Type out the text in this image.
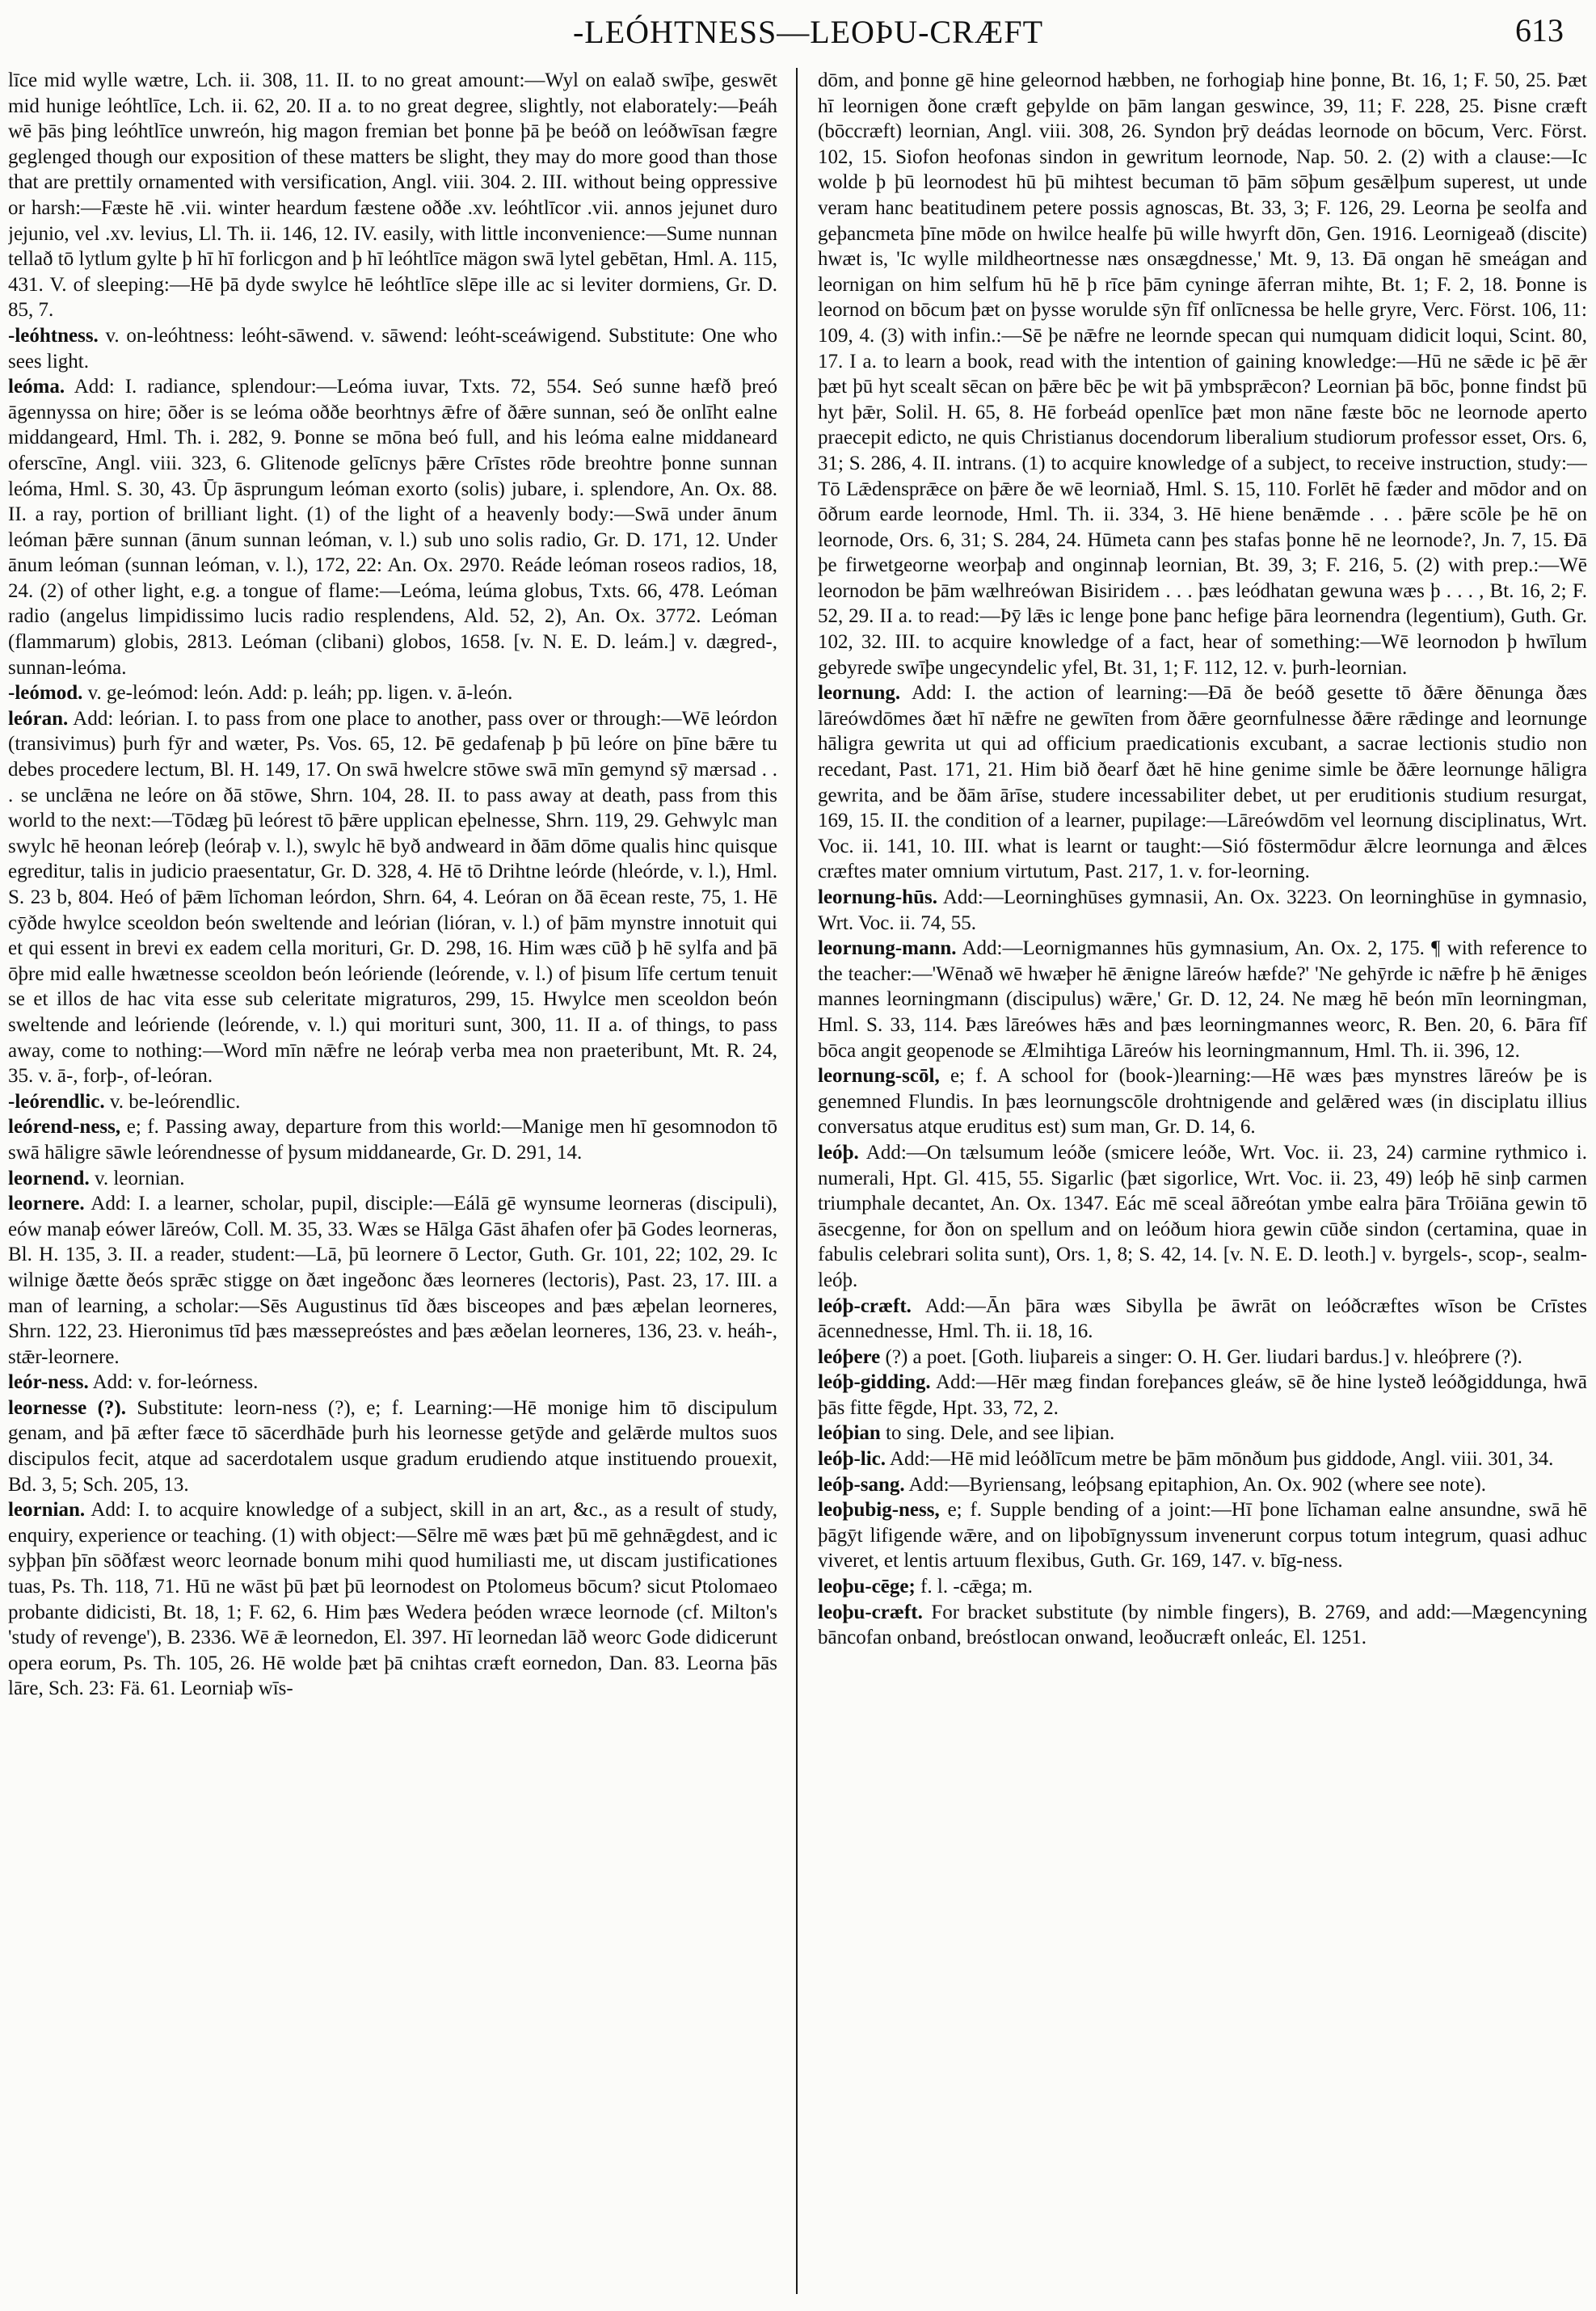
-LEÓHTNESS—LEOÞU-CRÆFT	613

līce mid wylle wætre, Lch. ii. 308, 11. II. to no great amount:—Wyl on ealað swīþe, geswēt mid hunige leóhtlīce, Lch. ii. 62, 20. II a. to no great degree, slightly, not elaborately:—Þeáh wē þās þing leóhtlīce unwreón, hig magon fremian bet þonne þā þe beóð on leóðwīsan fægre geglenged though our exposition of these matters be slight, they may do more good than those that are prettily ornamented with versification, Angl. viii. 304. 2. III. without being oppressive or harsh:—Fæste hē .vii. winter heardum fæstene oððe .xv. leóhtlīcor .vii. annos jejunet duro jejunio, vel .xv. levius, Ll. Th. ii. 146, 12. IV. easily, with little inconvenience:—Sume nunnan tellað tō lytlum gylte þ hī hī forlicgon and þ hī leóhtlīce mägon swā lytel gebētan, Hml. A. 115, 431. V. of sleeping:—Hē þā dyde swylce hē leóhtlīce slēpe ille ac si leviter dormiens, Gr. D. 85, 7.

-leóhtness. v. on-leóhtness: leóht-sāwend. v. sāwend: leóht-sceáwigend. Substitute: One who sees light.

leóma. Add: I. radiance, splendour:—Leóma iuvar, Txts. 72, 554. Seó sunne hæfð þreó āgennyssa on hire; ōðer is se leóma oððe beorhtnys ǣfre of ðǣre sunnan, seó ðe onlīht ealne middangeard, Hml. Th. i. 282, 9. Þonne se mōna beó full, and his leóma ealne middaneard oferscīne, Angl. viii. 323, 6. Glitenode gelīcnys þǣre Crīstes rōde breohtre þonne sunnan leóma, Hml. S. 30, 43. Ūp āsprungum leóman exorto (solis) jubare, i. splendore, An. Ox. 88. II. a ray, portion of brilliant light. (1) of the light of a heavenly body:—Swā under ānum leóman þǣre sunnan (ānum sunnan leóman, v. l.) sub uno solis radio, Gr. D. 171, 12. Under ānum leóman (sunnan leóman, v. l.), 172, 22: An. Ox. 2970. Reáde leóman roseos radios, 18, 24. (2) of other light, e.g. a tongue of flame:—Leóma, leúma globus, Txts. 66, 478. Leóman radio (angelus limpidissimo lucis radio resplendens, Ald. 52, 2), An. Ox. 3772. Leóman (flammarum) globis, 2813. Leóman (clibani) globos, 1658. [v. N. E. D. leám.] v. dægred-, sunnan-leóma.

-leómod. v. ge-leómod: león. Add: p. leáh; pp. ligen. v. ā-león.

leóran. Add: leórian. I. to pass from one place to another, pass over or through:—Wē leórdon (transivimus) þurh fȳr and wæter, Ps. Vos. 65, 12. Þē gedafenaþ þ þū leóre on þīne bǣre tu debes procedere lectum, Bl. H. 149, 17. On swā hwelcre stōwe swā mīn gemynd sȳ mærsad . . . se unclǣna ne leóre on ðā stōwe, Shrn. 104, 28. II. to pass away at death, pass from this world to the next:—Tōdæg þū leórest tō þǣre upplican eþelnesse, Shrn. 119, 29. Gehwylc man swylc hē heonan leóreþ (leóraþ v. l.), swylc hē byð andweard in ðām dōme qualis hinc quisque egreditur, talis in judicio praesentatur, Gr. D. 328, 4. Hē tō Drihtne leórde (hleórde, v. l.), Hml. S. 23 b, 804. Heó of þǣm līchoman leórdon, Shrn. 64, 4. Leóran on ðā ēcean reste, 75, 1. Hē cȳðde hwylce sceoldon beón sweltende and leórian (lióran, v. l.) of þām mynstre innotuit qui et qui essent in brevi ex eadem cella morituri, Gr. D. 298, 16. Him wæs cūð þ hē sylfa and þā ōþre mid ealle hwætnesse sceoldon beón leóriende (leórende, v. l.) of þisum līfe certum tenuit se et illos de hac vita esse sub celeritate migraturos, 299, 15. Hwylce men sceoldon beón sweltende and leóriende (leórende, v. l.) qui morituri sunt, 300, 11. II a. of things, to pass away, come to nothing:—Word mīn nǣfre ne leóraþ verba mea non praeteribunt, Mt. R. 24, 35. v. ā-, forþ-, of-leóran.

-leórendlic. v. be-leórendlic.

leórend-ness, e; f. Passing away, departure from this world:—Manige men hī gesomnodon tō swā hāligre sāwle leórendnesse of þysum middanearde, Gr. D. 291, 14.

leornend. v. leornian.

leornere. Add: I. a learner, scholar, pupil, disciple:—Eálā gē wynsume leorneras (discipuli), eów manaþ eówer lāreów, Coll. M. 35, 33. Wæs se Hālga Gāst āhafen ofer þā Godes leorneras, Bl. H. 135, 3. II. a reader, student:—Lā, þū leornere ō Lector, Guth. Gr. 101, 22; 102, 29. Ic wilnige ðætte ðeós sprǣc stigge on ðæt ingeðonc ðæs leorneres (lectoris), Past. 23, 17. III. a man of learning, a scholar:—Sēs Augustinus tīd ðæs bisceopes and þæs æþelan leorneres, Shrn. 122, 23. Hieronimus tīd þæs mæssepreóstes and þæs æðelan leorneres, 136, 23. v. heáh-, stǣr-leornere.

leór-ness. Add: v. for-leórness.

leornesse (?). Substitute: leorn-ness (?), e; f. Learning:—Hē monige him tō discipulum genam, and þā æfter fæce tō sācerdhāde þurh his leornesse getȳde and gelǣrde multos suos discipulos fecit, atque ad sacerdotalem usque gradum erudiendo atque instituendo prouexit, Bd. 3, 5; Sch. 205, 13.

leornian. Add: I. to acquire knowledge of a subject, skill in an art, &c., as a result of study, enquiry, experience or teaching. (1) with object:—Sēlre mē wæs þæt þū mē gehnǣgdest, and ic syþþan þīn sōðfæst weorc leornade bonum mihi quod humiliasti me, ut discam justificationes tuas, Ps. Th. 118, 71. Hū ne wāst þū þæt þū leornodest on Ptolomeus bōcum? sicut Ptolomaeo probante didicisti, Bt. 18, 1; F. 62, 6. Him þæs Wedera þeóden wræce leornode (cf. Milton's 'study of revenge'), B. 2336. Wē ǣ leornedon, El. 397. Hī leornedan lāð weorc Gode didicerunt opera eorum, Ps. Th. 105, 26. Hē wolde þæt þā cnihtas cræft eornedon, Dan. 83. Leorna þās lāre, Sch. 23: Fä. 61. Leorniaþ wīs-

dōm, and þonne gē hine geleornod hæbben, ne forhogiaþ hine þonne, Bt. 16, 1; F. 50, 25. Þæt hī leornigen ðone cræft geþylde on þām langan geswince, 39, 11; F. 228, 25. Þisne cræft (bōccræft) leornian, Angl. viii. 308, 26. Syndon þrȳ deádas leornode on bōcum, Verc. Först. 102, 15. Siofon heofonas sindon in gewritum leornode, Nap. 50. 2. (2) with a clause:—Ic wolde þ þū leornodest hū þū mihtest becuman tō þām sōþum gesǣlþum superest, ut unde veram hanc beatitudinem petere possis agnoscas, Bt. 33, 3; F. 126, 29. Leorna þe seolfa and geþancmeta þīne mōde on hwilce healfe þū wille hwyrft dōn, Gen. 1916. Leornigeað (discite) hwæt is, 'Ic wylle mildheortnesse næs onsægdnesse,' Mt. 9, 13. Ðā ongan hē smeágan and leornigan on him selfum hū hē þ rīce þām cyninge āferran mihte, Bt. 1; F. 2, 18. Þonne is leornod on bōcum þæt on þysse worulde sȳn fīf onlīcnessa be helle gryre, Verc. Först. 106, 11: 109, 4. (3) with infin.:—Sē þe nǣfre ne leornde specan qui numquam didicit loqui, Scint. 80, 17. I a. to learn a book, read with the intention of gaining knowledge:—Hū ne sǣde ic þē ǣr þæt þū hyt scealt sēcan on þǣre bēc þe wit þā ymbsprǣcon? Leornian þā bōc, þonne findst þū hyt þǣr, Solil. H. 65, 8. Hē forbeád openlīce þæt mon nāne fæste bōc ne leornode aperto praecepit edicto, ne quis Christianus docendorum liberalium studiorum professor esset, Ors. 6, 31; S. 286, 4. II. intrans. (1) to acquire knowledge of a subject, to receive instruction, study:—Tō Lǣdensprǣce on þǣre ðe wē leorniað, Hml. S. 15, 110. Forlēt hē fæder and mōdor and on ōðrum earde leornode, Hml. Th. ii. 334, 3. Hē hiene benǣmde . . . þǣre scōle þe hē on leornode, Ors. 6, 31; S. 284, 24. Hūmeta cann þes stafas þonne hē ne leornode?, Jn. 7, 15. Ðā þe firwetgeorne weorþaþ and onginnaþ leornian, Bt. 39, 3; F. 216, 5. (2) with prep.:—Wē leornodon be þām wælhreówan Bisiridem . . . þæs leódhatan gewuna wæs þ . . . , Bt. 16, 2; F. 52, 29. II a. to read:—Þȳ lǣs ic lenge þone þanc hefige þāra leornendra (legentium), Guth. Gr. 102, 32. III. to acquire knowledge of a fact, hear of something:—Wē leornodon þ hwīlum gebyrede swīþe ungecyndelic yfel, Bt. 31, 1; F. 112, 12. v. þurh-leornian.

leornung. Add: I. the action of learning:—Ðā ðe beóð gesette tō ðǣre ðēnunga ðæs lāreówdōmes ðæt hī nǣfre ne gewīten from ðǣre geornfulnesse ðǣre rǣdinge and leornunge hāligra gewrita ut qui ad officium praedicationis excubant, a sacrae lectionis studio non recedant, Past. 171, 21. Him bið ðearf ðæt hē hine genime simle be ðǣre leornunge hāligra gewrita, and be ðām ārīse, studere incessabiliter debet, ut per eruditionis studium resurgat, 169, 15. II. the condition of a learner, pupilage:—Lāreówdōm vel leornung disciplinatus, Wrt. Voc. ii. 141, 10. III. what is learnt or taught:—Sió fōstermōdur ǣlcre leornunga and ǣlces cræftes mater omnium virtutum, Past. 217, 1. v. for-leorning.

leornung-hūs. Add:—Leorninghūses gymnasii, An. Ox. 3223. On leorninghūse in gymnasio, Wrt. Voc. ii. 74, 55.

leornung-mann. Add:—Leornigmannes hūs gymnasium, An. Ox. 2, 175. ¶ with reference to the teacher:—'Wēnað wē hwæþer hē ǣnigne lāreów hæfde?' 'Ne gehȳrde ic nǣfre þ hē ǣniges mannes leorningmann (discipulus) wǣre,' Gr. D. 12, 24. Ne mæg hē beón mīn leorningman, Hml. S. 33, 114. Þæs lāreówes hǣs and þæs leorningmannes weorc, R. Ben. 20, 6. Þāra fīf bōca angit geopenode se Ælmihtiga Lāreów his leorningmannum, Hml. Th. ii. 396, 12.

leornung-scōl, e; f. A school for (book-)learning:—Hē wæs þæs mynstres lāreów þe is genemned Flundis. In þæs leornungscōle drohtnigende and gelǣred wæs (in disciplatu illius conversatus atque eruditus est) sum man, Gr. D. 14, 6.

leóþ. Add:—On tælsumum leóðe (smicere leóðe, Wrt. Voc. ii. 23, 24) carmine rythmico i. numerali, Hpt. Gl. 415, 55. Sigarlic (þæt sigorlice, Wrt. Voc. ii. 23, 49) leóþ hē sinþ carmen triumphale decantet, An. Ox. 1347. Eác mē sceal āðreótan ymbe ealra þāra Trōiāna gewin tō āsecgenne, for ðon on spellum and on leóðum hiora gewin cūðe sindon (certamina, quae in fabulis celebrari solita sunt), Ors. 1, 8; S. 42, 14. [v. N. E. D. leoth.] v. byrgels-, scop-, sealm-leóþ.

leóþ-cræft. Add:—Ān þāra wæs Sibylla þe āwrāt on leóðcræftes wīson be Crīstes ācennednesse, Hml. Th. ii. 18, 16.

leóþere (?) a poet. [Goth. liuþareis a singer: O. H. Ger. liudari bardus.] v. hleóþrere (?).

leóþ-gidding. Add:—Hēr mæg findan foreþances gleáw, sē ðe hine lysteð leóðgiddunga, hwā þās fitte fēgde, Hpt. 33, 72, 2.

leóþian to sing. Dele, and see liþian.

leóþ-lic. Add:—Hē mid leóðlīcum metre be þām mōnðum þus giddode, Angl. viii. 301, 34.

leóþ-sang. Add:—Byriensang, leóþsang epitaphion, An. Ox. 902 (where see note).

leoþubig-ness, e; f. Supple bending of a joint:—Hī þone līchaman ealne ansundne, swā hē þāgȳt lifigende wǣre, and on liþobīgnyssum invenerunt corpus totum integrum, quasi adhuc viveret, et lentis artuum flexibus, Guth. Gr. 169, 147. v. bīg-ness.

leoþu-cēge; f. l. -cǣga; m.

leoþu-cræft. For bracket substitute (by nimble fingers), B. 2769, and add:—Mægencyning bāncofan onband, breóstlocan onwand, leoðucræft onleác, El. 1251.
